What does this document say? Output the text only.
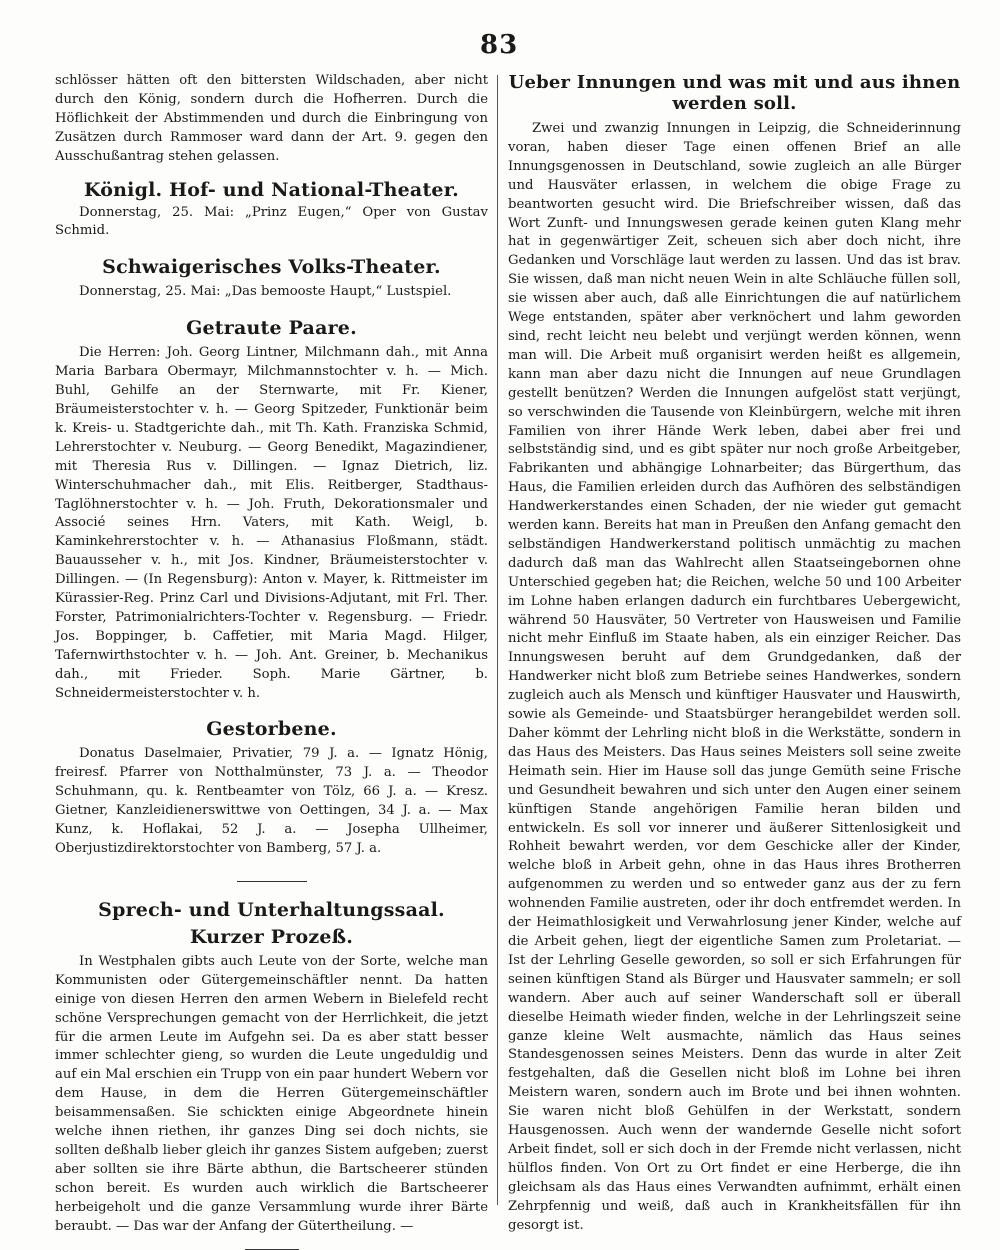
83

schlösser hätten oft den bittersten Wildschaden, aber nicht durch den König, sondern durch die Hofherren. Durch die Höflichkeit der Abstimmenden und durch die Einbringung von Zusätzen durch Rammoser ward dann der Art. 9. gegen den Ausschußantrag stehen gelassen.

Königl. Hof- und National-Theater.

Donnerstag, 25. Mai: „Prinz Eugen,“ Oper von Gustav Schmid.

Schwaigerisches Volks-Theater.

Donnerstag, 25. Mai: „Das bemooste Haupt,“ Lustspiel.

Getraute Paare.

Die Herren: Joh. Georg Lintner, Milchmann dah., mit Anna Maria Barbara Obermayr, Milchmannstochter v. h. — Mich. Buhl, Gehilfe an der Sternwarte, mit Fr. Kiener, Bräumeisterstochter v. h. — Georg Spitzeder, Funktionär beim k. Kreis- u. Stadtgerichte dah., mit Th. Kath. Franziska Schmid, Lehrerstochter v. Neuburg. — Georg Benedikt, Magazindiener, mit Theresia Rus v. Dillingen. — Ignaz Dietrich, liz. Winterschuhmacher dah., mit Elis. Reitberger, Stadthaus-Taglöhnerstochter v. h. — Joh. Fruth, Dekorationsmaler und Associé seines Hrn. Vaters, mit Kath. Weigl, b. Kaminkehrerstochter v. h. — Athanasius Floßmann, städt. Bauausseher v. h., mit Jos. Kindner, Bräumeisterstochter v. Dillingen. — (In Regensburg): Anton v. Mayer, k. Rittmeister im Kürassier-Reg. Prinz Carl und Divisions-Adjutant, mit Frl. Ther. Forster, Patrimonialrichters-Tochter v. Regensburg. — Friedr. Jos. Boppinger, b. Caffetier, mit Maria Magd. Hilger, Tafernwirthstochter v. h. — Joh. Ant. Greiner, b. Mechanikus dah., mit Frieder. Soph. Marie Gärtner, b. Schneidermeisterstochter v. h.

Gestorbene.

Donatus Daselmaier, Privatier, 79 J. a. — Ignatz Hönig, freiresf. Pfarrer von Notthalmünster, 73 J. a. — Theodor Schuhmann, qu. k. Rentbeamter von Tölz, 66 J. a. — Kresz. Gietner, Kanzleidienerswittwe von Oettingen, 34 J. a. — Max Kunz, k. Hoflakai, 52 J. a. — Josepha Ullheimer, Oberjustizdirektorstochter von Bamberg, 57 J. a.

Sprech- und Unterhaltungssaal.
Kurzer Prozeß.

In Westphalen gibts auch Leute von der Sorte, welche man Kommunisten oder Gütergemeinschäftler nennt. Da hatten einige von diesen Herren den armen Webern in Bielefeld recht schöne Versprechungen gemacht von der Herrlichkeit, die jetzt für die armen Leute im Aufgehn sei. Da es aber statt besser immer schlechter gieng, so wurden die Leute ungeduldig und auf ein Mal erschien ein Trupp von ein paar hundert Webern vor dem Hause, in dem die Herren Gütergemeinschäftler beisammensaßen. Sie schickten einige Abgeordnete hinein welche ihnen riethen, ihr ganzes Ding sei doch nichts, sie sollten deßhalb lieber gleich ihr ganzes Sistem aufgeben; zuerst aber sollten sie ihre Bärte abthun, die Bartscheerer stünden schon bereit. Es wurden auch wirklich die Bartscheerer herbeigeholt und die ganze Versammlung wurde ihrer Bärte beraubt. — Das war der Anfang der Gütertheilung. —

Ueber Innungen und was mit und aus ihnen werden soll.

Zwei und zwanzig Innungen in Leipzig, die Schneiderinnung voran, haben dieser Tage einen offenen Brief an alle Innungsgenossen in Deutschland, sowie zugleich an alle Bürger und Hausväter erlassen, in welchem die obige Frage zu beantworten gesucht wird. Die Briefschreiber wissen, daß das Wort Zunft- und Innungswesen gerade keinen guten Klang mehr hat in gegenwärtiger Zeit, scheuen sich aber doch nicht, ihre Gedanken und Vorschläge laut werden zu lassen. Und das ist brav. Sie wissen, daß man nicht neuen Wein in alte Schläuche füllen soll, sie wissen aber auch, daß alle Einrichtungen die auf natürlichem Wege entstanden, später aber verknöchert und lahm geworden sind, recht leicht neu belebt und verjüngt werden können, wenn man will. Die Arbeit muß organisirt werden heißt es allgemein, kann man aber dazu nicht die Innungen auf neue Grundlagen gestellt benützen? Werden die Innungen aufgelöst statt verjüngt, so verschwinden die Tausende von Kleinbürgern, welche mit ihren Familien von ihrer Hände Werk leben, dabei aber frei und selbstständig sind, und es gibt später nur noch große Arbeitgeber, Fabrikanten und abhängige Lohnarbeiter; das Bürgerthum, das Haus, die Familien erleiden durch das Aufhören des selbständigen Handwerkerstandes einen Schaden, der nie wieder gut gemacht werden kann. Bereits hat man in Preußen den Anfang gemacht den selbständigen Handwerkerstand politisch unmächtig zu machen dadurch daß man das Wahlrecht allen Staatseingebornen ohne Unterschied gegeben hat; die Reichen, welche 50 und 100 Arbeiter im Lohne haben erlangen dadurch ein furchtbares Uebergewicht, während 50 Hausväter, 50 Vertreter von Hausweisen und Familie nicht mehr Einfluß im Staate haben, als ein einziger Reicher. Das Innungswesen beruht auf dem Grundgedanken, daß der Handwerker nicht bloß zum Betriebe seines Handwerkes, sondern zugleich auch als Mensch und künftiger Hausvater und Hauswirth, sowie als Gemeinde- und Staatsbürger herangebildet werden soll. Daher kömmt der Lehrling nicht bloß in die Werkstätte, sondern in das Haus des Meisters. Das Haus seines Meisters soll seine zweite Heimath sein. Hier im Hause soll das junge Gemüth seine Frische und Gesundheit bewahren und sich unter den Augen einer seinem künftigen Stande angehörigen Familie heran bilden und entwickeln. Es soll vor innerer und äußerer Sittenlosigkeit und Rohheit bewahrt werden, vor dem Geschicke aller der Kinder, welche bloß in Arbeit gehn, ohne in das Haus ihres Brotherren aufgenommen zu werden und so entweder ganz aus der zu fern wohnenden Familie austreten, oder ihr doch entfremdet werden. In der Heimathlosigkeit und Verwahrlosung jener Kinder, welche auf die Arbeit gehen, liegt der eigentliche Samen zum Proletariat. — Ist der Lehrling Geselle geworden, so soll er sich Erfahrungen für seinen künftigen Stand als Bürger und Hausvater sammeln; er soll wandern. Aber auch auf seiner Wanderschaft soll er überall dieselbe Heimath wieder finden, welche in der Lehrlingszeit seine ganze kleine Welt ausmachte, nämlich das Haus seines Standesgenossen seines Meisters. Denn das wurde in alter Zeit festgehalten, daß die Gesellen nicht bloß im Lohne bei ihren Meistern waren, sondern auch im Brote und bei ihnen wohnten. Sie waren nicht bloß Gehülfen in der Werkstatt, sondern Hausgenossen. Auch wenn der wandernde Geselle nicht sofort Arbeit findet, soll er sich doch in der Fremde nicht verlassen, nicht hülflos finden. Von Ort zu Ort findet er eine Herberge, die ihn gleichsam als das Haus eines Verwandten aufnimmt, erhält einen Zehrpfennig und weiß, daß auch in Krankheitsfällen für ihn gesorgt ist.
